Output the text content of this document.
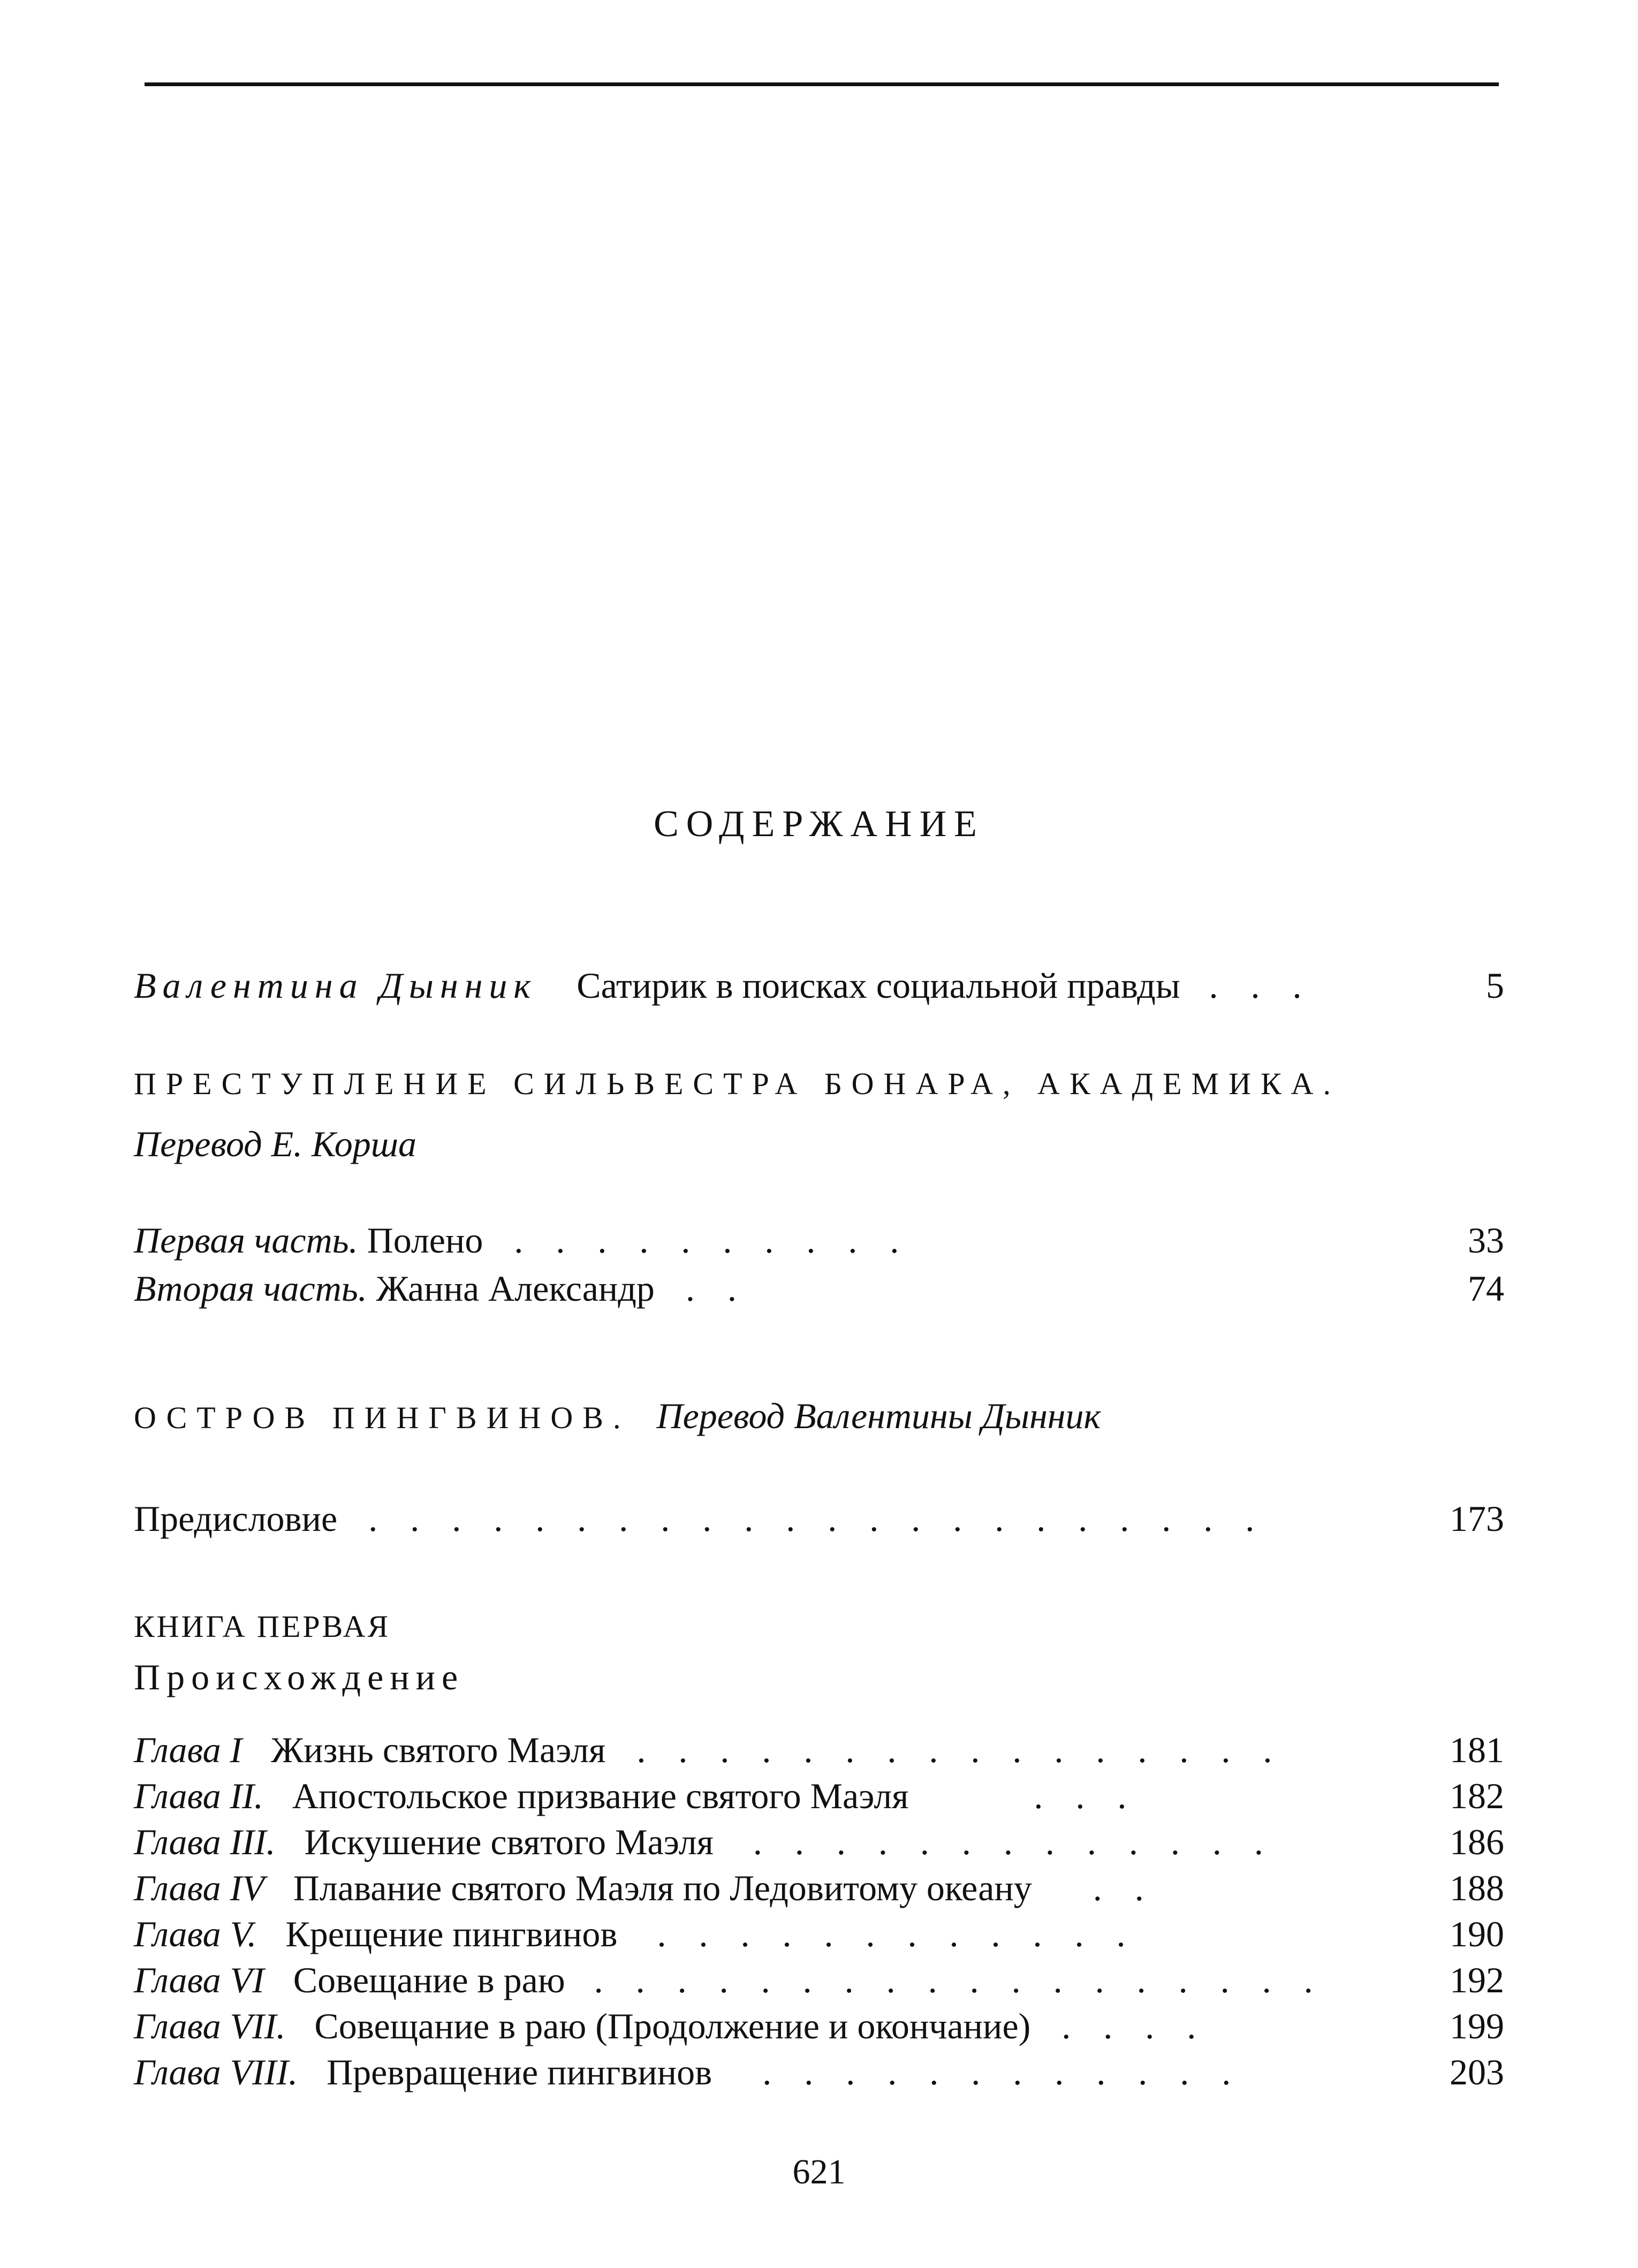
СОДЕРЖАНИЕ
Валентина Дынник Сатирик в поисках социальной правды . . .	5
ПРЕСТУПЛЕНИЕ СИЛЬВЕСТРА БОНАРА, АКАДЕМИКА.
Перевод Е. Корша
Первая часть. Полено . . . . . . . . . .	33
Вторая часть. Жанна Александр . .	74
ОСТРОВ ПИНГВИНОВ. Перевод Валентины Дынник
Предисловие . . . . . . . . . . . . . . . . . . . . . .	173
КНИГА ПЕРВАЯ
Происхождение
Глава I Жизнь святого Маэля . . . . . . . . . . . . . . . .	181
Глава II. Апостольское призвание святого Маэля	. . .	182
Глава III. Искушение святого Маэля . . . . . . . . . . . . .	186
Глава IV Плавание святого Маэля по Ледовитому океану . .	188
Глава V. Крещение пингвинов . . . . . . . . . . . .	190
Глава VI Совещание в раю . . . . . . . . . . . . . . . . . .	192
Глава VII. Совещание в раю (Продолжение и окончание) . . . .	199
Глава VIII. Превращение пингвинов . . . . . . . . . . . .	203
621
